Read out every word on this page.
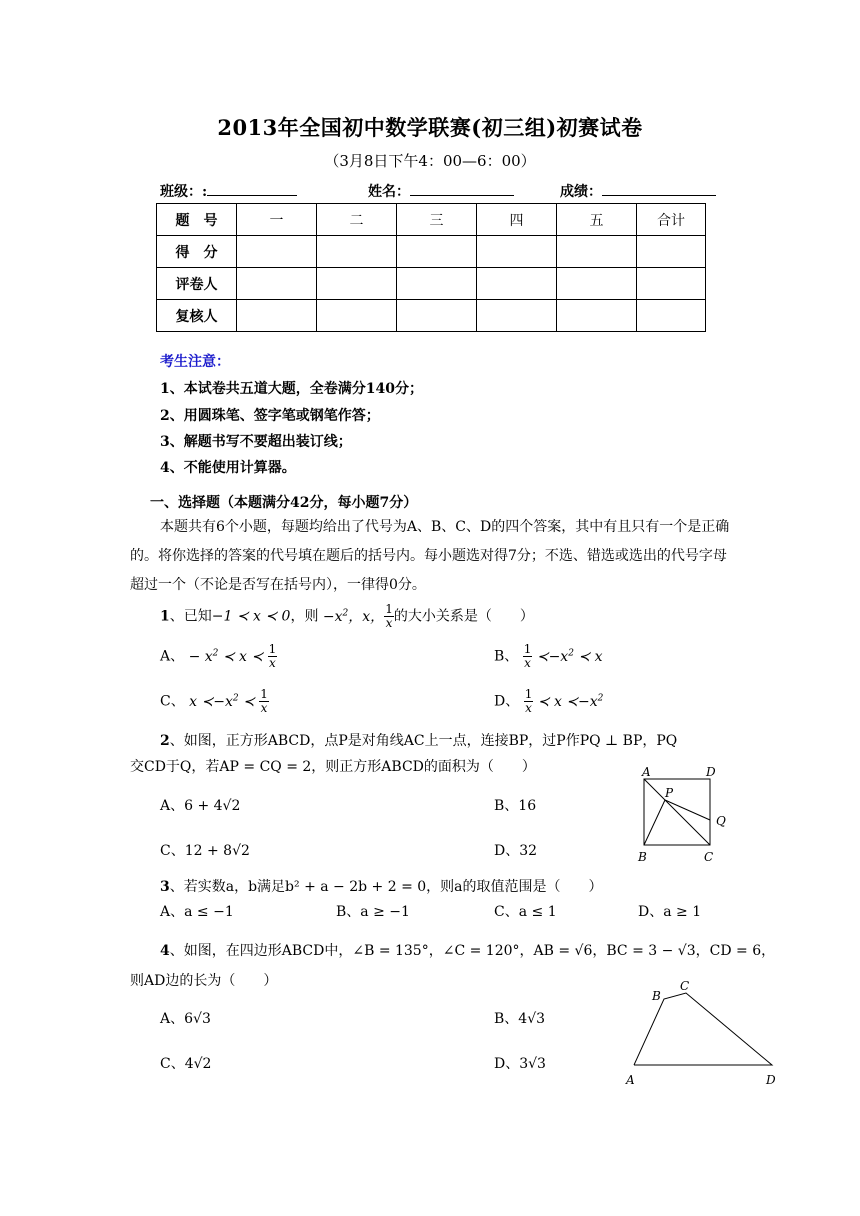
2013年全国初中数学联赛(初三组)初赛试卷
（3月8日下午4：00—6：00）
班级：:	姓名：	成绩：
题　号	一	二	三	四	五	合计
得　分						
评卷人						
复核人						
考生注意：
1、本试卷共五道大题，全卷满分140分；
2、用圆珠笔、签字笔或钢笔作答；
3、解题书写不要超出装订线；
4、不能使用计算器。
一、选择题（本题满分42分，每小题7分）
本题共有6个小题，每题均给出了代号为A、B、C、D的四个答案，其中有且只有一个是正确的。将你选择的答案的代号填在题后的括号内。每小题选对得7分；不选、错选或选出的代号字母超过一个（不论是否写在括号内），一律得0分。
1、已知−1 ≺ x ≺ 0，则 $-x^2$，x， $\frac{1}{x}$ 的大小关系是（　　）
A、 − $x^2$ ≺ x ≺ $\frac{1}{x}$	B、 $\frac{1}{x}$ $≺-x^2$ ≺ x
C、 x $≺-x^2$ ≺ $\frac{1}{x}$	D、 $\frac{1}{x}$ ≺ x $≺-x^2$
2、如图，正方形ABCD，点P是对角线AC上一点，连接BP，过P作PQ ⊥ BP，PQ
交CD于Q，若AP = CQ = 2，则正方形ABCD的面积为（　　）
A、6 + 4√2	B、16
C、12 + 8√2	D、32
A	D
P
Q
B	C
3、若实数a，b满足b² + a − 2b + 2 = 0，则a的取值范围是（　　）
A、a ≤ −1	B、a ≥ −1	C、a ≤ 1	D、a ≥ 1
4、如图，在四边形ABCD中，∠B = 135°，∠C = 120°，AB = √6，BC = 3 − √3，CD = 6，
则AD边的长为（　　）
A、6√3	B、4√3
C、4√2	D、3√3
B
C
A	D
